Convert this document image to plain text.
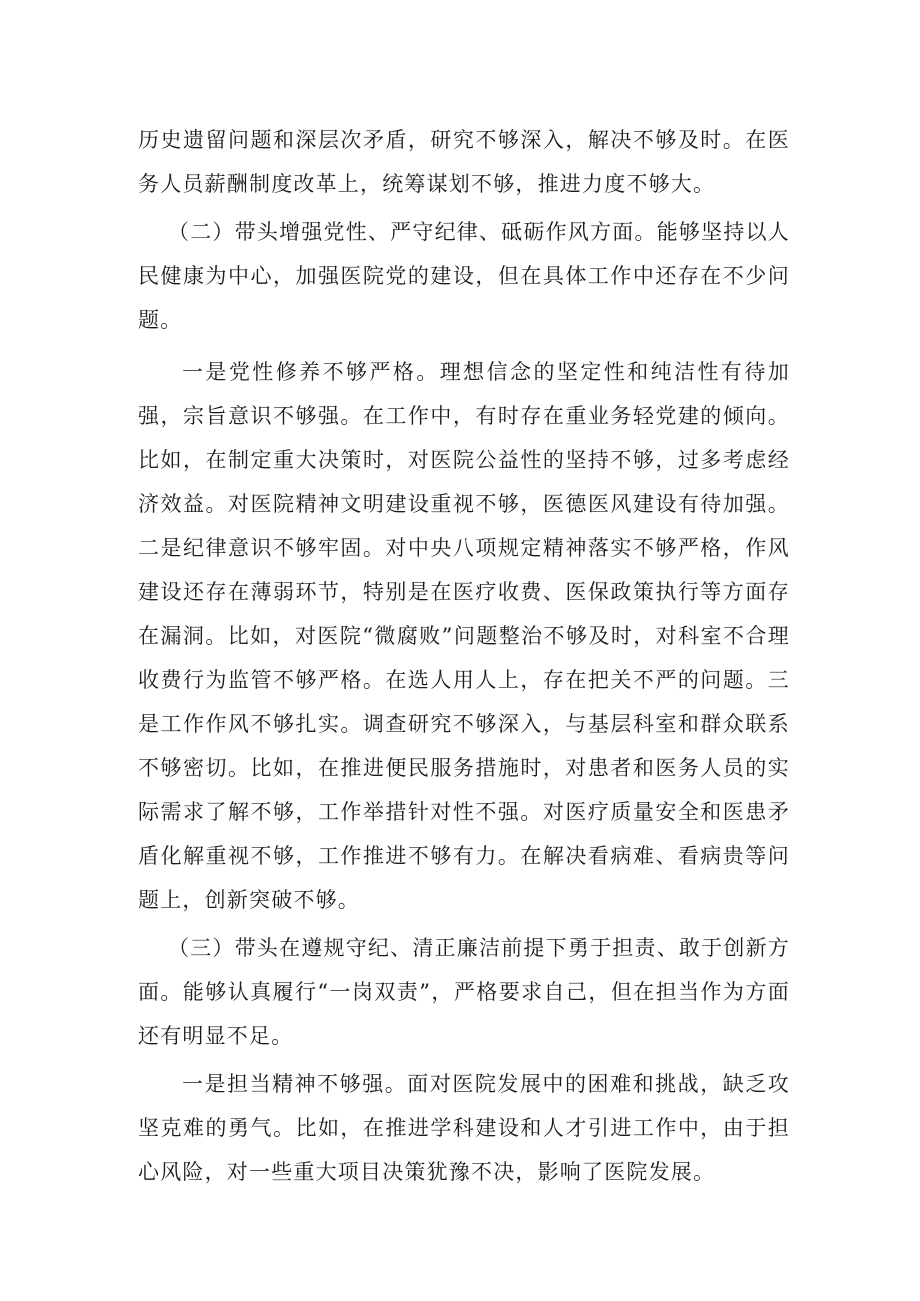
历史遗留问题和深层次矛盾，研究不够深入，解决不够及时。在医务人员薪酬制度改革上，统筹谋划不够，推进力度不够大。

（二）带头增强党性、严守纪律、砥砺作风方面。能够坚持以人民健康为中心，加强医院党的建设，但在具体工作中还存在不少问题。

一是党性修养不够严格。理想信念的坚定性和纯洁性有待加强，宗旨意识不够强。在工作中，有时存在重业务轻党建的倾向。比如，在制定重大决策时，对医院公益性的坚持不够，过多考虑经济效益。对医院精神文明建设重视不够，医德医风建设有待加强。二是纪律意识不够牢固。对中央八项规定精神落实不够严格，作风建设还存在薄弱环节，特别是在医疗收费、医保政策执行等方面存在漏洞。比如，对医院“微腐败”问题整治不够及时，对科室不合理收费行为监管不够严格。在选人用人上，存在把关不严的问题。三是工作作风不够扎实。调查研究不够深入，与基层科室和群众联系不够密切。比如，在推进便民服务措施时，对患者和医务人员的实际需求了解不够，工作举措针对性不强。对医疗质量安全和医患矛盾化解重视不够，工作推进不够有力。在解决看病难、看病贵等问题上，创新突破不够。

（三）带头在遵规守纪、清正廉洁前提下勇于担责、敢于创新方面。能够认真履行“一岗双责”，严格要求自己，但在担当作为方面还有明显不足。

一是担当精神不够强。面对医院发展中的困难和挑战，缺乏攻坚克难的勇气。比如，在推进学科建设和人才引进工作中，由于担心风险，对一些重大项目决策犹豫不决，影响了医院发展。
